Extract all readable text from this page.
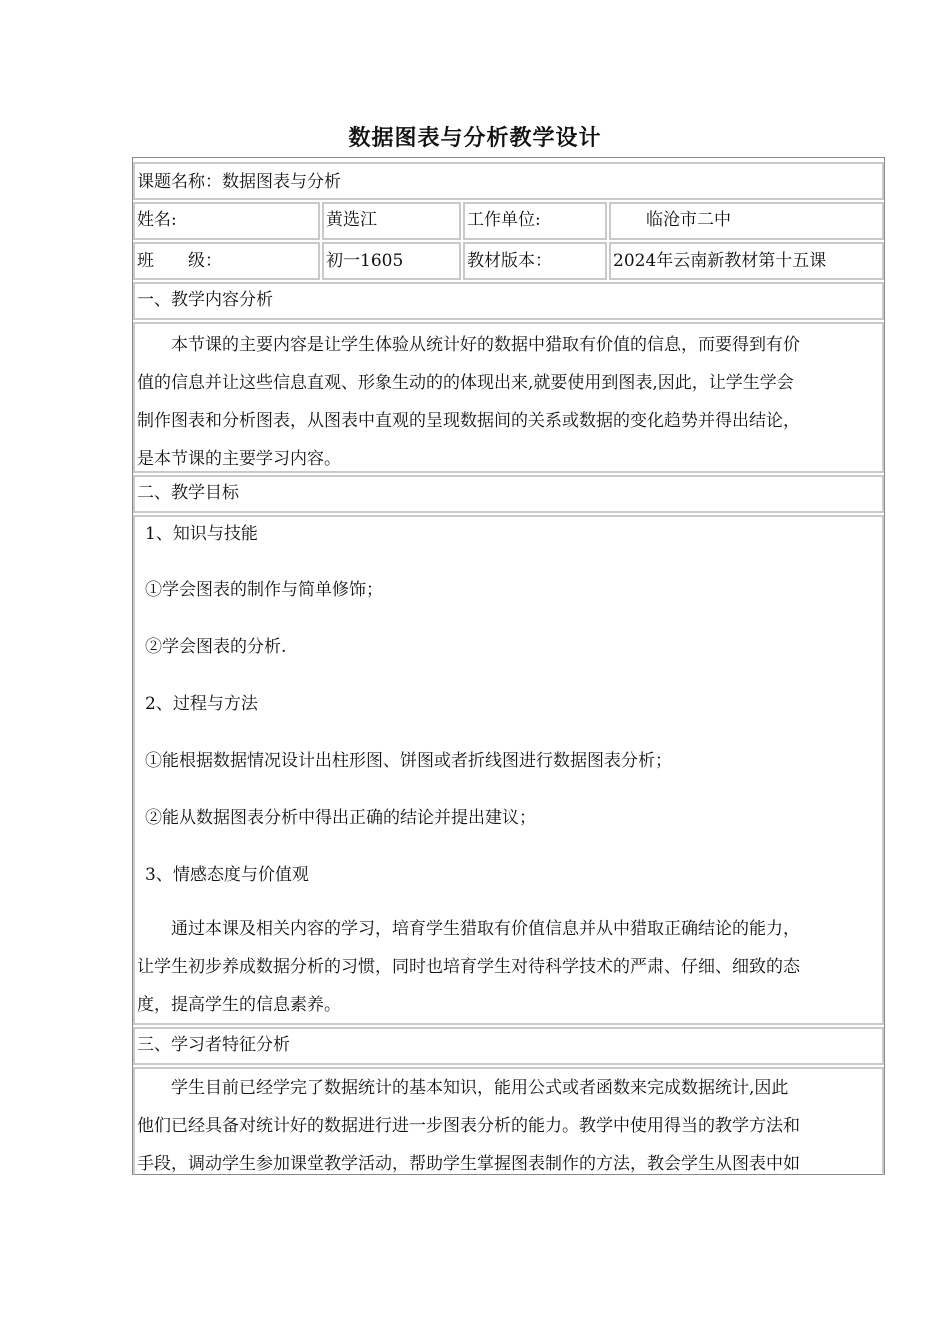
数据图表与分析教学设计
课题名称：数据图表与分析
姓名:	黄选江	工作单位:	临沧市二中
班　　级：	初一1605	教材版本：	2024年云南新教材第十五课
一、教学内容分析
本节课的主要内容是让学生体验从统计好的数据中猎取有价值的信息，而要得到有价
值的信息并让这些信息直观、形象生动的的体现出来,就要使用到图表,因此，让学生学会
制作图表和分析图表，从图表中直观的呈现数据间的关系或数据的变化趋势并得出结论，
是本节课的主要学习内容。
二、教学目标
1、知识与技能
①学会图表的制作与简单修饰；
②学会图表的分析.
2、过程与方法
①能根据数据情况设计出柱形图、饼图或者折线图进行数据图表分析；
②能从数据图表分析中得出正确的结论并提出建议；
3、情感态度与价值观
通过本课及相关内容的学习，培育学生猎取有价值信息并从中猎取正确结论的能力，
让学生初步养成数据分析的习惯，同时也培育学生对待科学技术的严肃、仔细、细致的态
度，提高学生的信息素养。
三、学习者特征分析
学生目前已经学完了数据统计的基本知识，能用公式或者函数来完成数据统计,因此
他们已经具备对统计好的数据进行进一步图表分析的能力。教学中使用得当的教学方法和
手段，调动学生参加课堂教学活动，帮助学生掌握图表制作的方法，教会学生从图表中如
